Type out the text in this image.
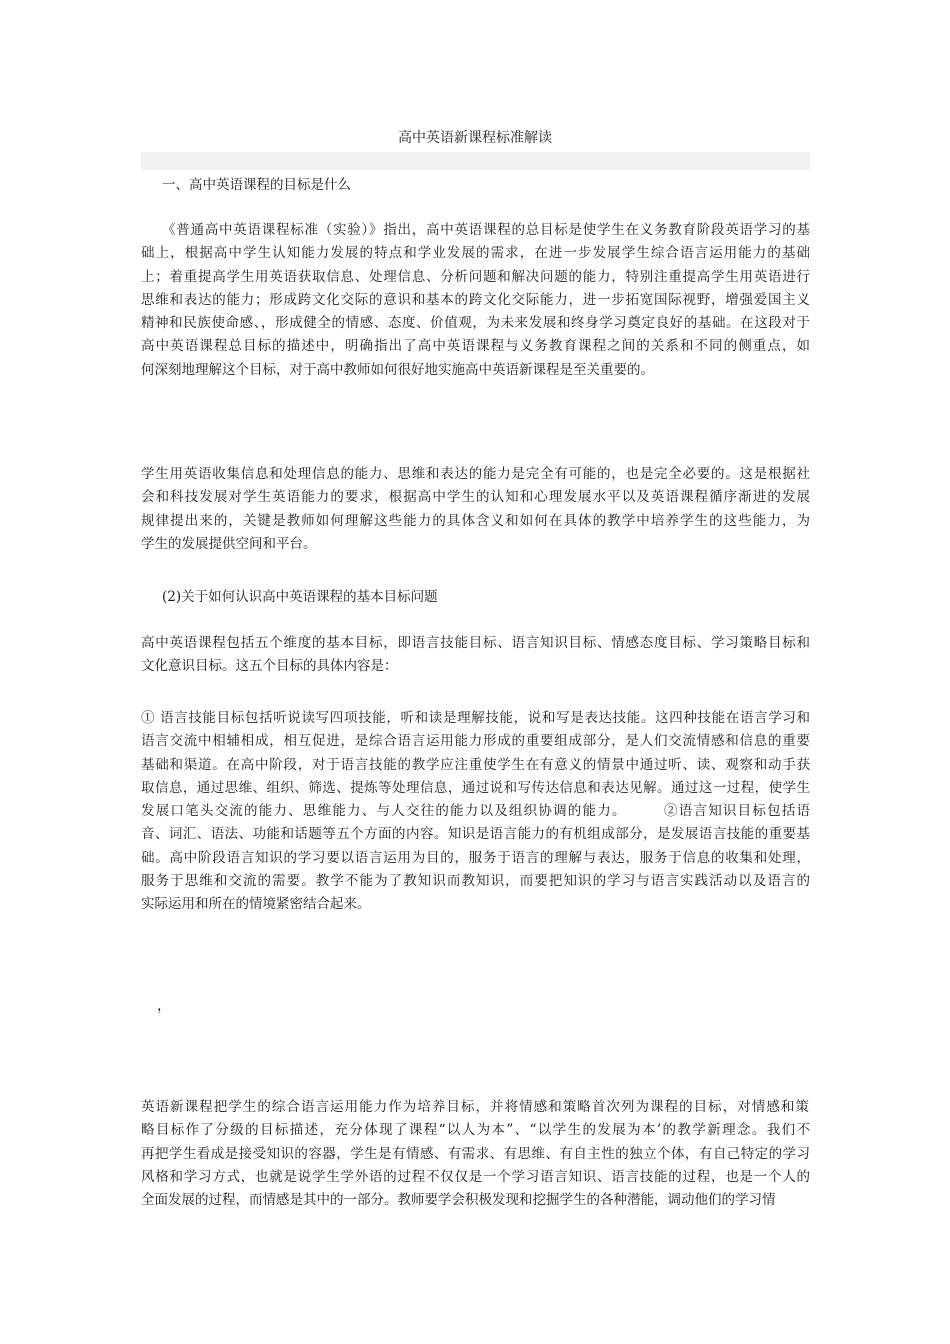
高中英语新课程标准解读
一、高中英语课程的目标是什么
《普通高中英语课程标准（实验）》指出，高中英语课程的总目标是使学生在义务教育阶段英语学习的基
础上，根据高中学生认知能力发展的特点和学业发展的需求，在进一步发展学生综合语言运用能力的基础
上；着重提高学生用英语获取信息、处理信息、分析问题和解决问题的能力，特别注重提高学生用英语进行
思维和表达的能力；形成跨文化交际的意识和基本的跨文化交际能力，进一步拓宽国际视野，增强爱国主义
精神和民族使命感、，形成健全的情感、态度、价值观，为未来发展和终身学习奠定良好的基础。在这段对于
高中英语课程总目标的描述中，明确指出了高中英语课程与义务教育课程之间的关系和不同的侧重点，如
何深刻地理解这个目标，对于高中教师如何很好地实施高中英语新课程是至关重要的。
学生用英语收集信息和处理信息的能力、思维和表达的能力是完全有可能的，也是完全必要的。这是根据社
会和科技发展对学生英语能力的要求，根据高中学生的认知和心理发展水平以及英语课程循序渐进的发展
规律提出来的，关键是教师如何理解这些能力的具体含义和如何在具体的教学中培养学生的这些能力，为
学生的发展提供空间和平台。
(2)关于如何认识高中英语课程的基本目标问题
高中英语课程包括五个维度的基本目标，即语言技能目标、语言知识目标、情感态度目标、学习策略目标和
文化意识目标。这五个目标的具体内容是：
① 语言技能目标包括听说读写四项技能，听和读是理解技能，说和写是表达技能。这四种技能在语言学习和
语言交流中相辅相成，相互促进，是综合语言运用能力形成的重要组成部分，是人们交流情感和信息的重要
基础和渠道。在高中阶段，对于语言技能的教学应注重使学生在有意义的情景中通过听、读、观察和动手获
取信息，通过思维、组织、筛选、提炼等处理信息，通过说和写传达信息和表达见解。通过这一过程，使学生
发展口笔头交流的能力、思维能力、与人交往的能力以及组织协调的能力。　　　②语言知识目标包括语
音、词汇、语法、功能和话题等五个方面的内容。知识是语言能力的有机组成部分，是发展语言技能的重要基
础。高中阶段语言知识的学习要以语言运用为目的，服务于语言的理解与表达，服务于信息的收集和处理，
服务于思维和交流的需要。教学不能为了教知识而教知识，而要把知识的学习与语言实践活动以及语言的
实际运用和所在的情境紧密结合起来。
，
英语新课程把学生的综合语言运用能力作为培养目标，并将情感和策略首次列为课程的目标，对情感和策
略目标作了分级的目标描述，充分体现了课程“以人为本”、“以学生的发展为本’的教学新理念。我们不
再把学生看成是接受知识的容器，学生是有情感、有需求、有思维、有自主性的独立个体，有自己特定的学习
风格和学习方式，也就是说学生学外语的过程不仅仅是一个学习语言知识、语言技能的过程，也是一个人的
全面发展的过程，而情感是其中的一部分。教师要学会积极发现和挖掘学生的各种潜能，调动他们的学习情
